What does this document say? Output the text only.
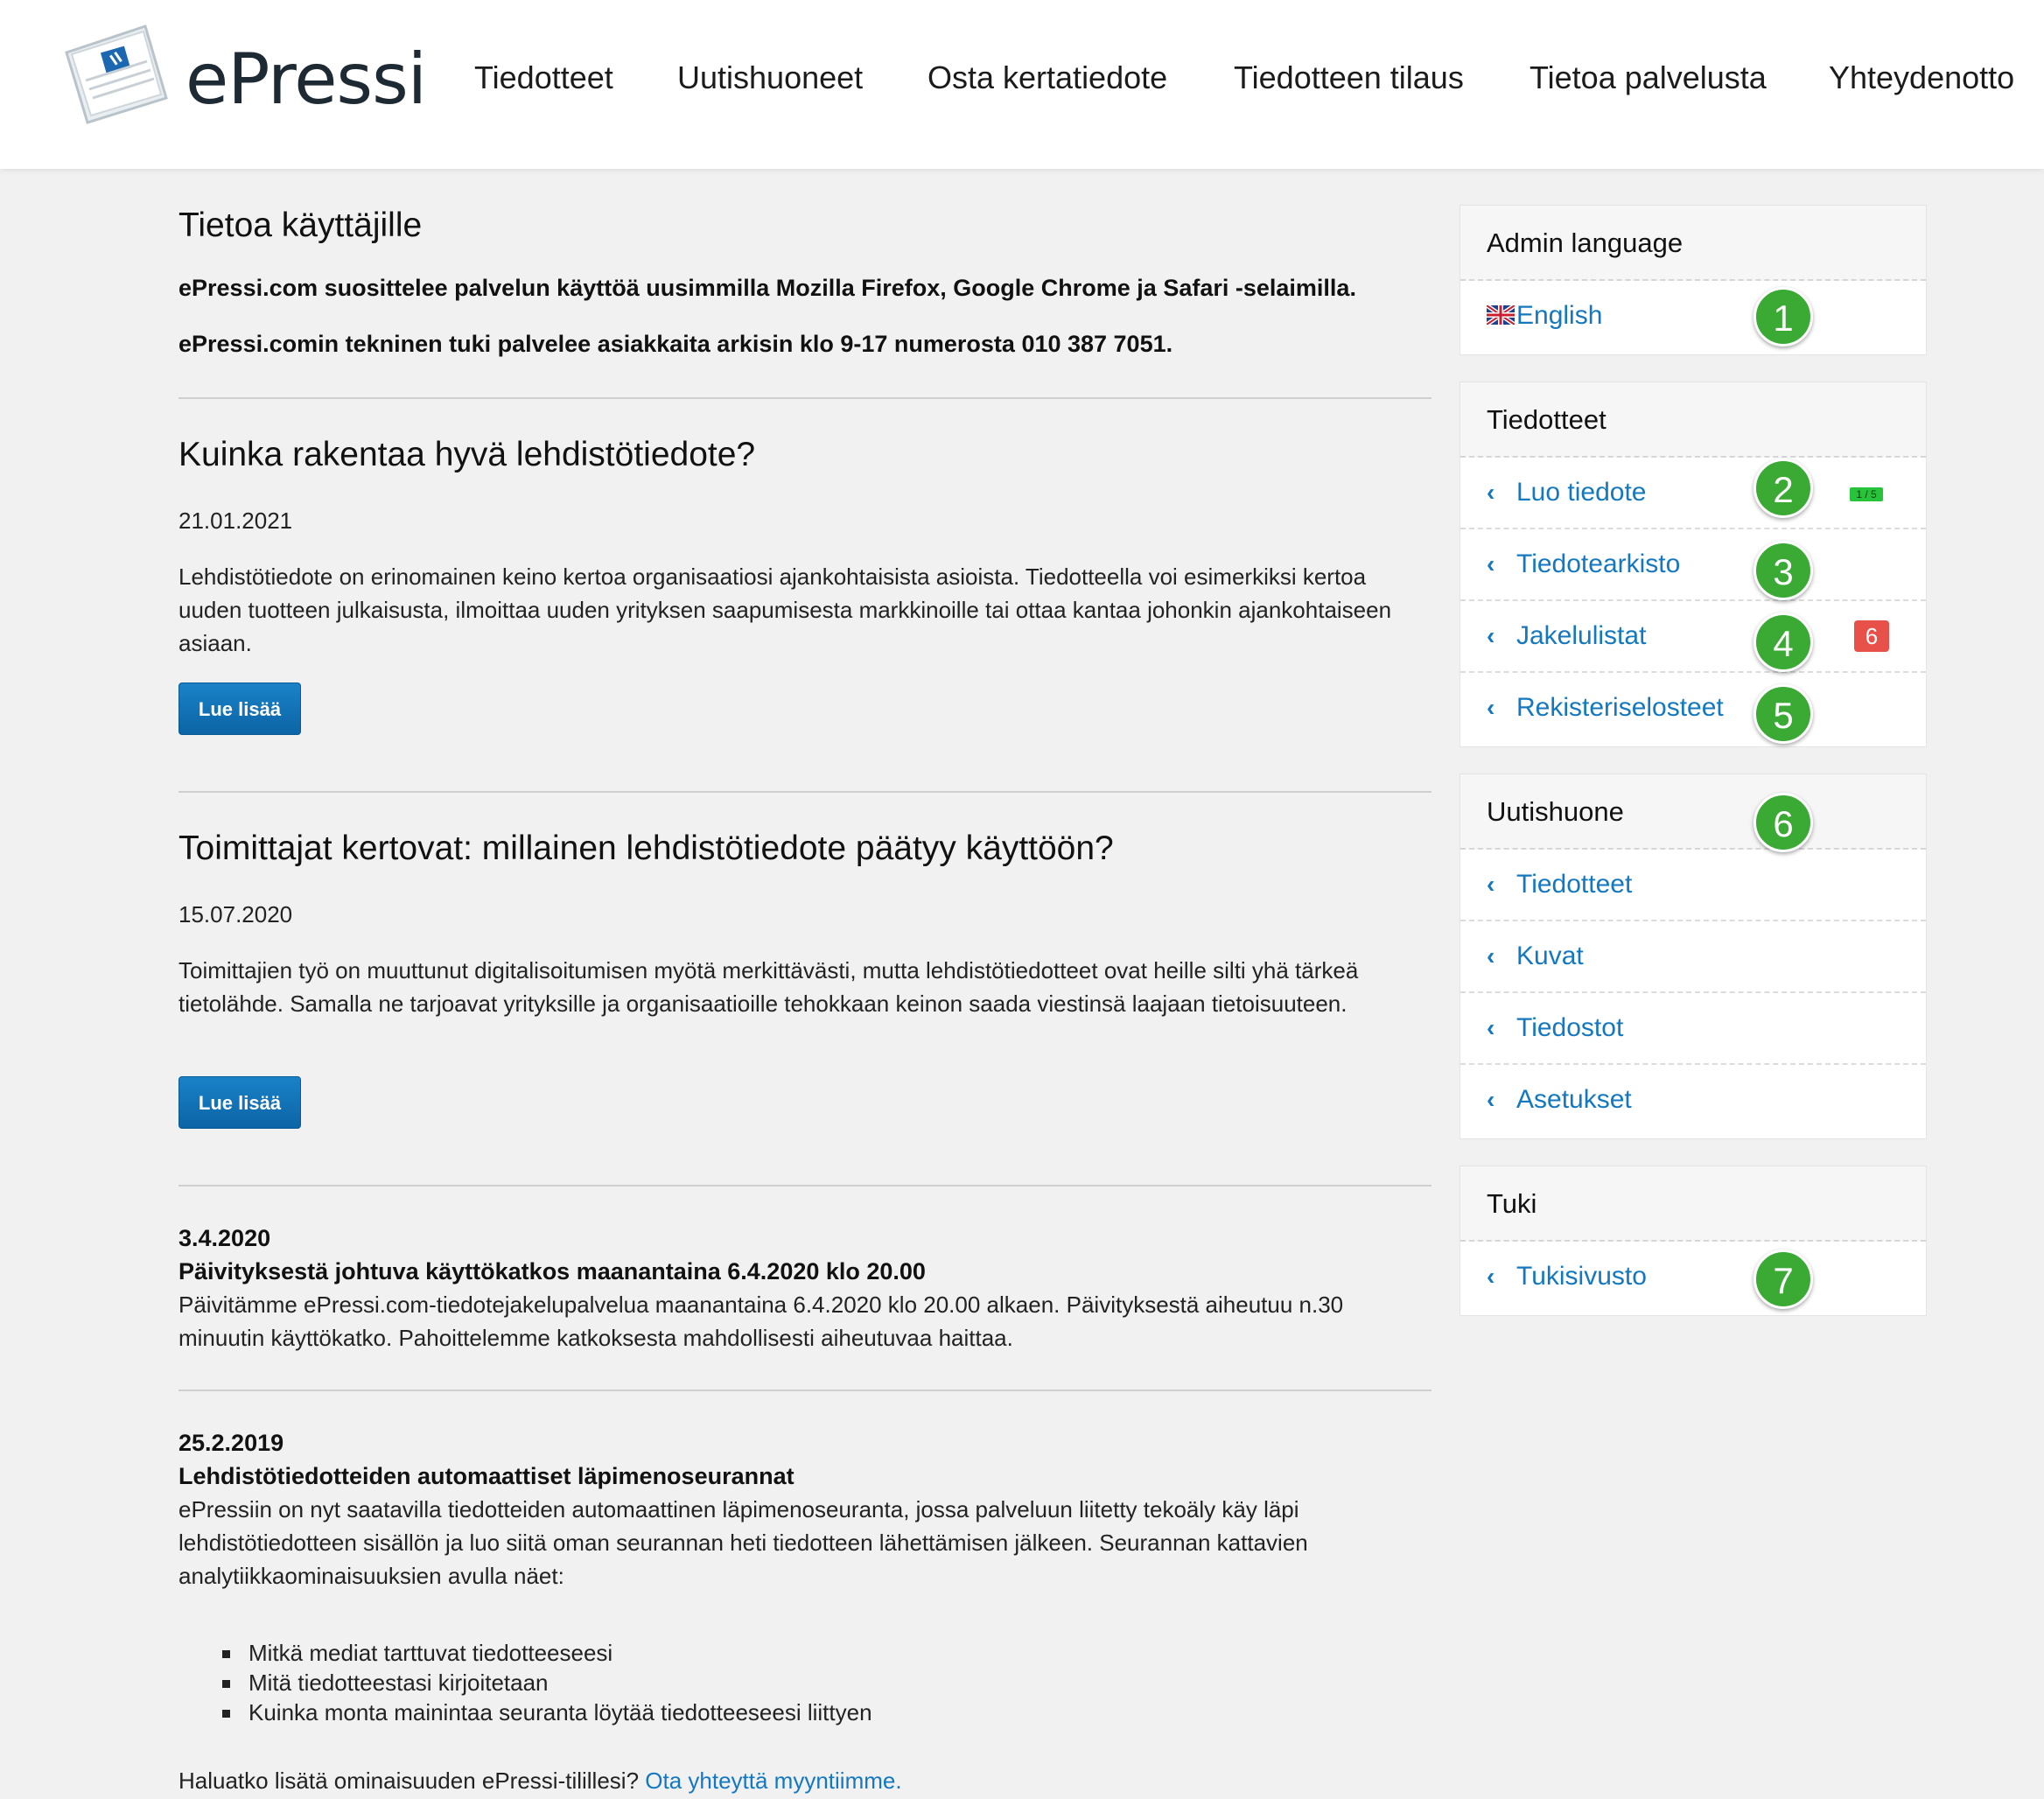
ePressi Tiedotteet Uutishuoneet Osta kertatiedote Tiedotteen tilaus Tietoa palvelusta Yhteydenotto
Tietoa käyttäjille
ePressi.com suosittelee palvelun käyttöä uusimmilla Mozilla Firefox, Google Chrome ja Safari -selaimilla.
ePressi.comin tekninen tuki palvelee asiakkaita arkisin klo 9-17 numerosta 010 387 7051.
Kuinka rakentaa hyvä lehdistötiedote?
21.01.2021
Lehdistötiedote on erinomainen keino kertoa organisaatiosi ajankohtaisista asioista. Tiedotteella voi esimerkiksi kertoa uuden tuotteen julkaisusta, ilmoittaa uuden yrityksen saapumisesta markkinoille tai ottaa kantaa johonkin ajankohtaiseen asiaan.
Lue lisää
Toimittajat kertovat: millainen lehdistötiedote päätyy käyttöön?
15.07.2020
Toimittajien työ on muuttunut digitalisoitumisen myötä merkittävästi, mutta lehdistötiedotteet ovat heille silti yhä tärkeä tietolähde. Samalla ne tarjoavat yrityksille ja organisaatioille tehokkaan keinon saada viestinsä laajaan tietoisuuteen.
Lue lisää
3.4.2020
Päivityksestä johtuva käyttökatkos maanantaina 6.4.2020 klo 20.00
Päivitämme ePressi.com-tiedotejakelupalvelua maanantaina 6.4.2020 klo 20.00 alkaen. Päivityksestä aiheutuu n.30 minuutin käyttökatko. Pahoittelemme katkoksesta mahdollisesti aiheutuvaa haittaa.
25.2.2019
Lehdistötiedotteiden automaattiset läpimenoseurannat
ePressiin on nyt saatavilla tiedotteiden automaattinen läpimenoseuranta, jossa palveluun liitetty tekoäly käy läpi lehdistötiedotteen sisällön ja luo siitä oman seurannan heti tiedotteen lähettämisen jälkeen. Seurannan kattavien analytiikkaominaisuuksien avulla näet:
Mitkä mediat tarttuvat tiedotteeseesi
Mitä tiedotteestasi kirjoitetaan
Kuinka monta mainintaa seuranta löytää tiedotteeseesi liittyen
Haluatko lisätä ominaisuuden ePressi-tilillesi? Ota yhteyttä myyntiimme.
Admin language
English
Tiedotteet
‹ Luo tiedote	1 / 5
‹ Tiedotearkisto
‹ Jakelulistat	6
‹ Rekisteriselosteet
Uutishuone
‹ Tiedotteet
‹ Kuvat
‹ Tiedostot
‹ Asetukset
Tuki
‹ Tukisivusto
1
2
3
4
5
6
7
